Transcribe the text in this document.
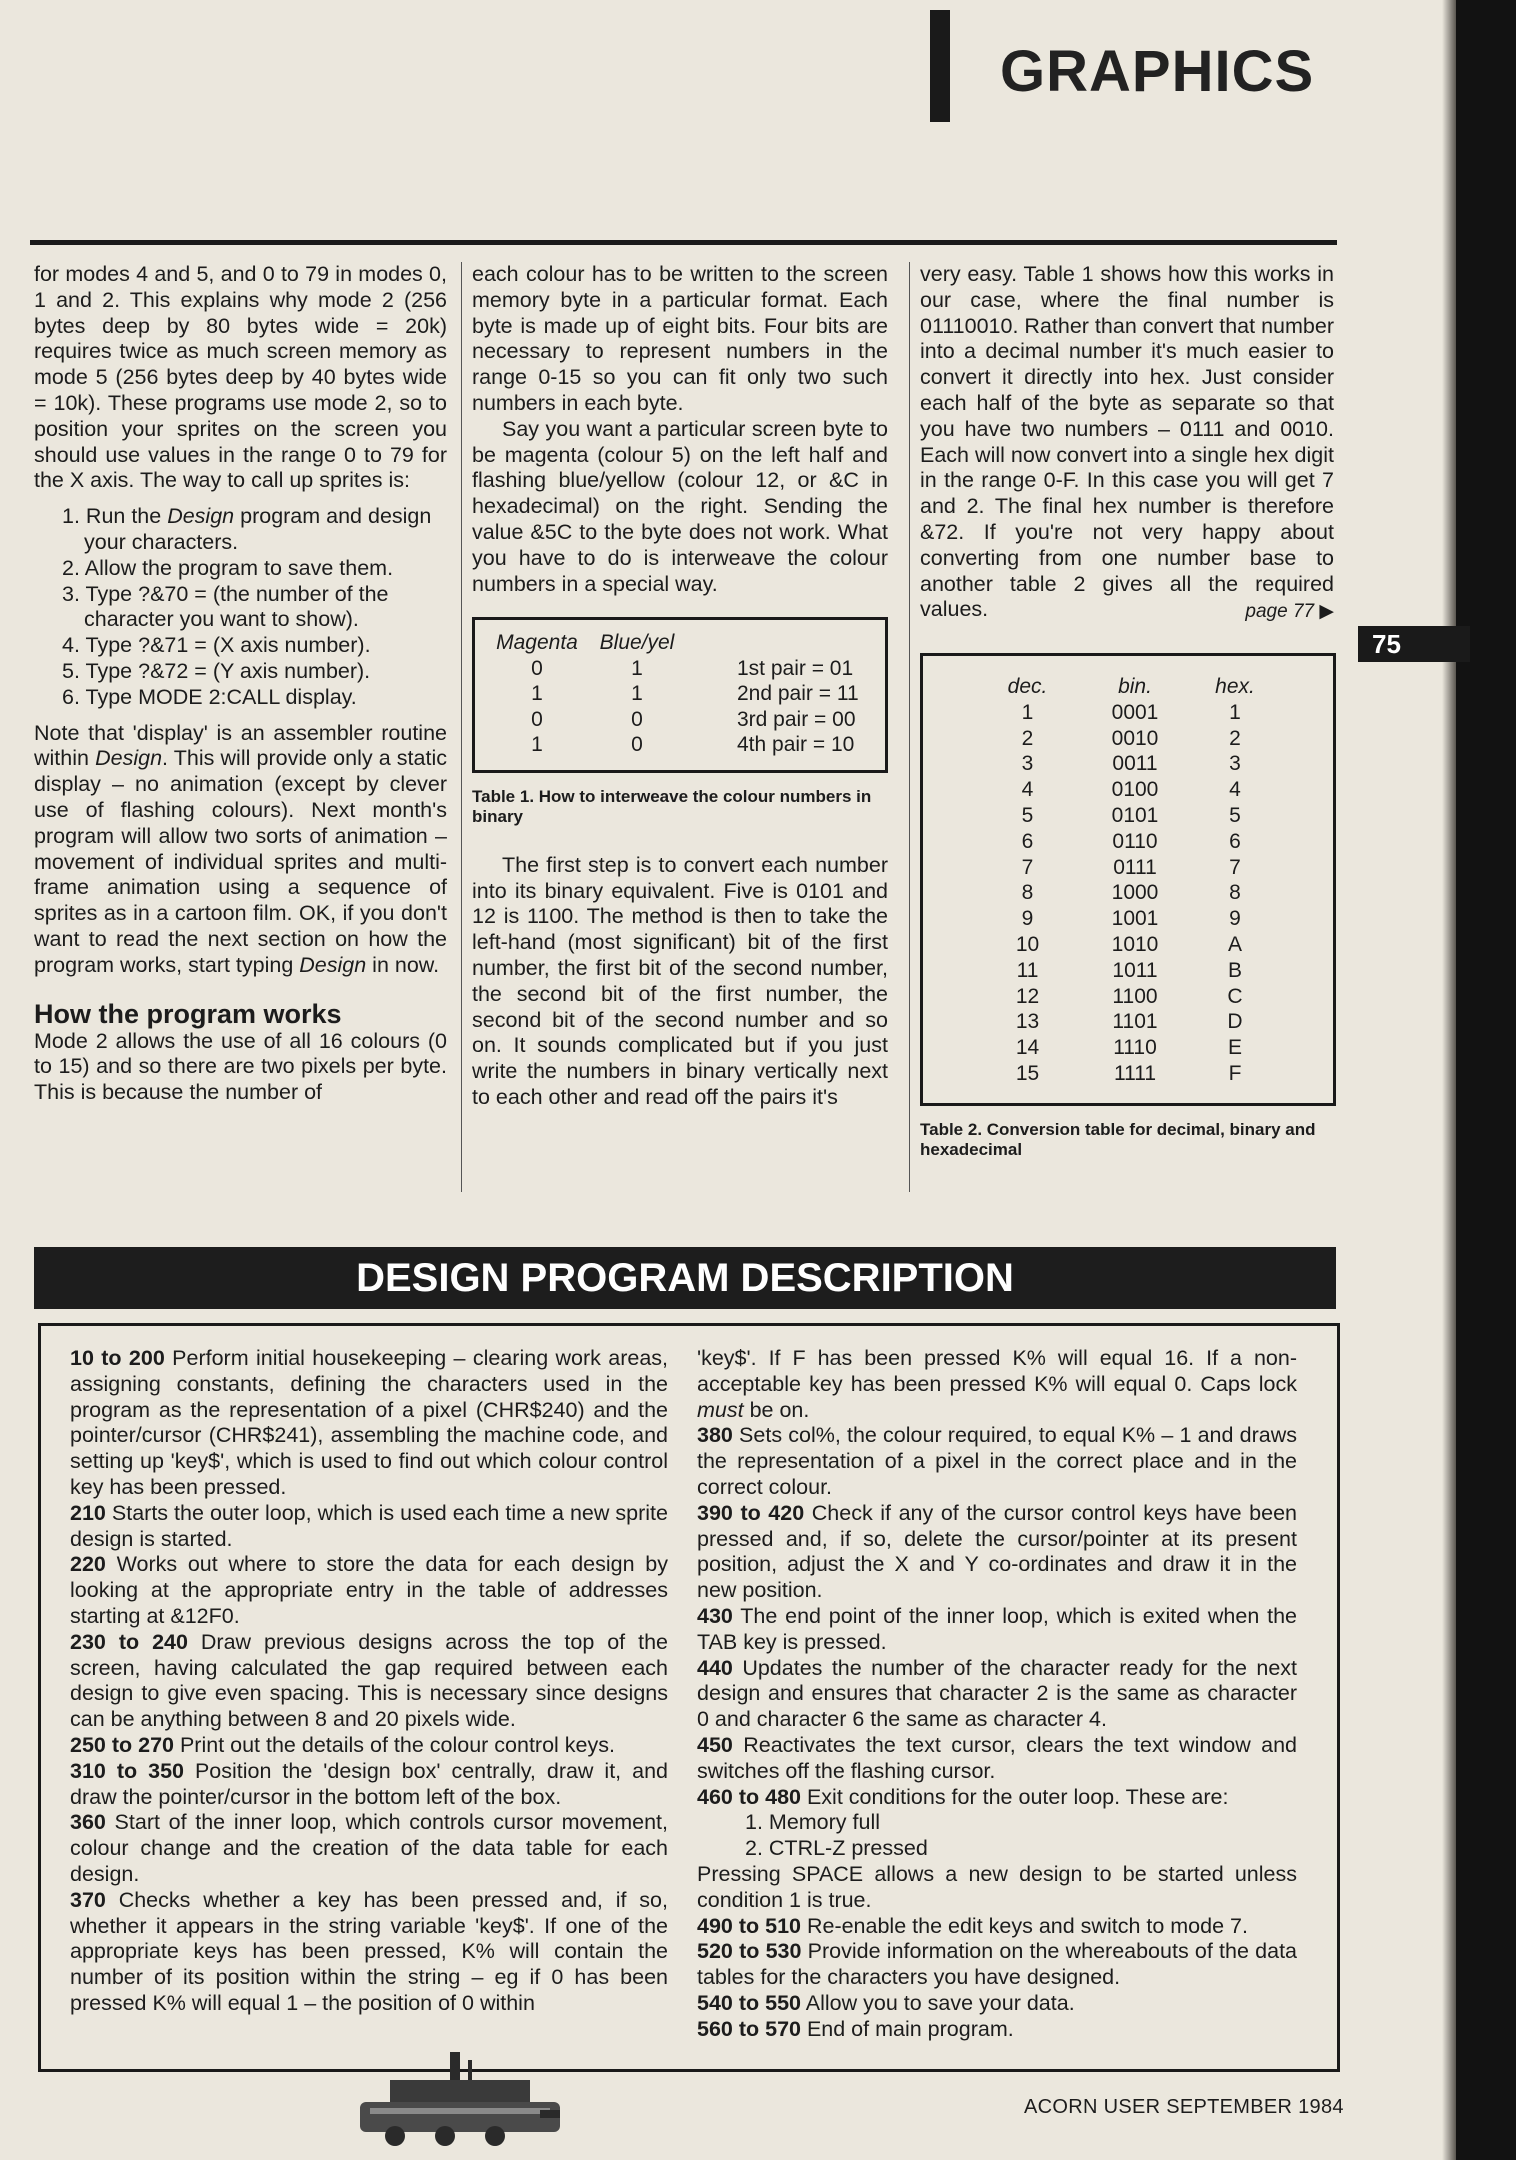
GRAPHICS

for modes 4 and 5, and 0 to 79 in modes 0, 1 and 2. This explains why mode 2 (256 bytes deep by 80 bytes wide = 20k) requires twice as much screen memory as mode 5 (256 bytes deep by 40 bytes wide = 10k). These programs use mode 2, so to position your sprites on the screen you should use values in the range 0 to 79 for the X axis. The way to call up sprites is:

1. Run the Design program and design your characters.
2. Allow the program to save them.
3. Type ?&70 = (the number of the character you want to show).
4. Type ?&71 = (X axis number).
5. Type ?&72 = (Y axis number).
6. Type MODE 2:CALL display.

Note that 'display' is an assembler routine within Design. This will provide only a static display – no animation (except by clever use of flashing colours). Next month's program will allow two sorts of animation – movement of individual sprites and multi-frame animation using a sequence of sprites as in a cartoon film. OK, if you don't want to read the next section on how the program works, start typing Design in now.

How the program works

Mode 2 allows the use of all 16 colours (0 to 15) and so there are two pixels per byte. This is because the number of

each colour has to be written to the screen memory byte in a particular format. Each byte is made up of eight bits. Four bits are necessary to represent numbers in the range 0-15 so you can fit only two such numbers in each byte.

Say you want a particular screen byte to be magenta (colour 5) on the left half and flashing blue/yellow (colour 12, or &C in hexadecimal) on the right. Sending the value &5C to the byte does not work. What you have to do is interweave the colour numbers in a special way.

Magenta	Blue/yel
0	1	1st pair = 01
1	1	2nd pair = 11
0	0	3rd pair = 00
1	0	4th pair = 10

Table 1. How to interweave the colour numbers in binary

The first step is to convert each number into its binary equivalent. Five is 0101 and 12 is 1100. The method is then to take the left-hand (most significant) bit of the first number, the first bit of the second number, the second bit of the first number, the second bit of the second number and so on. It sounds complicated but if you just write the numbers in binary vertically next to each other and read off the pairs it's

very easy. Table 1 shows how this works in our case, where the final number is 01110010. Rather than convert that number into a decimal number it's much easier to convert it directly into hex. Just consider each half of the byte as separate so that you have two numbers – 0111 and 0010. Each will now convert into a single hex digit in the range 0-F. In this case you will get 7 and 2. The final hex number is therefore &72. If you're not very happy about converting from one number base to another table 2 gives all the required values.	page 77 ▶

dec.	bin.	hex.
1	0001	1
2	0010	2
3	0011	3
4	0100	4
5	0101	5
6	0110	6
7	0111	7
8	1000	8
9	1001	9
10	1010	A
11	1011	B
12	1100	C
13	1101	D
14	1110	E
15	1111	F

Table 2. Conversion table for decimal, binary and hexadecimal

75
DESIGN PROGRAM DESCRIPTION

10 to 200 Perform initial housekeeping – clearing work areas, assigning constants, defining the characters used in the program as the representation of a pixel (CHR$240) and the pointer/cursor (CHR$241), assembling the machine code, and setting up 'key$', which is used to find out which colour control key has been pressed.

210 Starts the outer loop, which is used each time a new sprite design is started.

220 Works out where to store the data for each design by looking at the appropriate entry in the table of addresses starting at &12F0.

230 to 240 Draw previous designs across the top of the screen, having calculated the gap required between each design to give even spacing. This is necessary since designs can be anything between 8 and 20 pixels wide.

250 to 270 Print out the details of the colour control keys.

310 to 350 Position the 'design box' centrally, draw it, and draw the pointer/cursor in the bottom left of the box.

360 Start of the inner loop, which controls cursor movement, colour change and the creation of the data table for each design.

370 Checks whether a key has been pressed and, if so, whether it appears in the string variable 'key$'. If one of the appropriate keys has been pressed, K% will contain the number of its position within the string – eg if 0 has been pressed K% will equal 1 – the position of 0 within

'key$'. If F has been pressed K% will equal 16. If a non-acceptable key has been pressed K% will equal 0. Caps lock must be on.

380 Sets col%, the colour required, to equal K% – 1 and draws the representation of a pixel in the correct place and in the correct colour.

390 to 420 Check if any of the cursor control keys have been pressed and, if so, delete the cursor/pointer at its present position, adjust the X and Y co-ordinates and draw it in the new position.

430 The end point of the inner loop, which is exited when the TAB key is pressed.

440 Updates the number of the character ready for the next design and ensures that character 2 is the same as character 0 and character 6 the same as character 4.

450 Reactivates the text cursor, clears the text window and switches off the flashing cursor.

460 to 480 Exit conditions for the outer loop. These are:

1. Memory full

2. CTRL-Z pressed

Pressing SPACE allows a new design to be started unless condition 1 is true.

490 to 510 Re-enable the edit keys and switch to mode 7.

520 to 530 Provide information on the whereabouts of the data tables for the characters you have designed.

540 to 550 Allow you to save your data.

560 to 570 End of main program.

ACORN USER SEPTEMBER 1984
